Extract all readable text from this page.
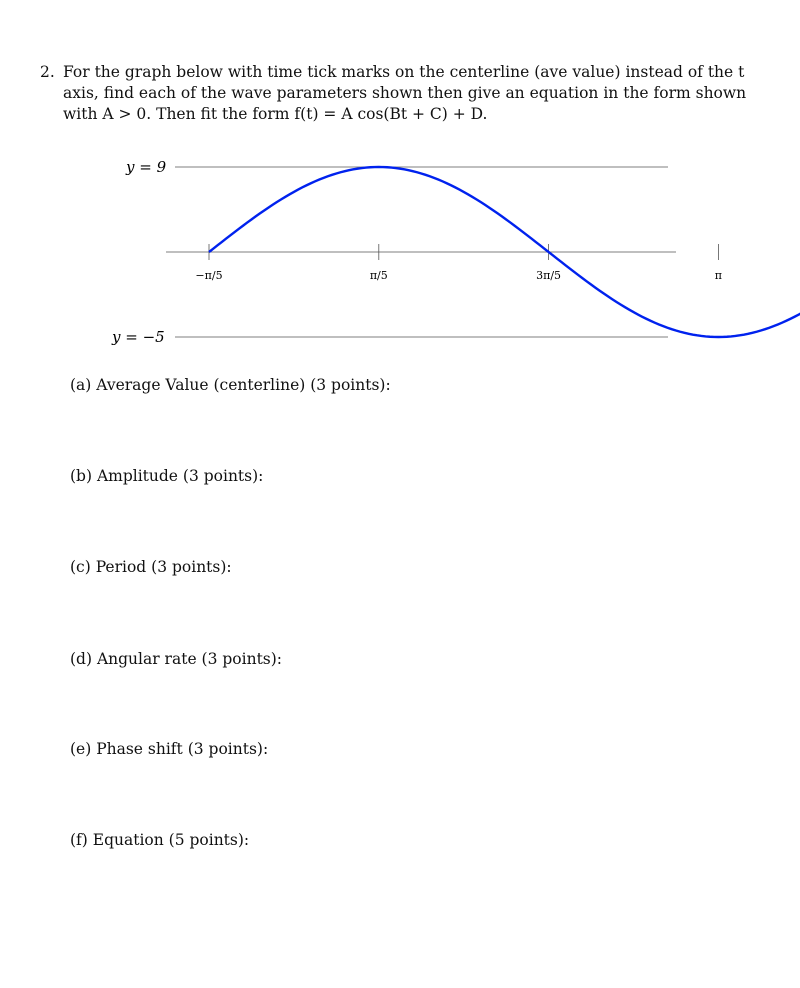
2. For the graph below with time tick marks on the centerline (ave value) instead of the t
axis, find each of the wave parameters shown then give an equation in the form shown
with A > 0. Then fit the form f(t) = A cos(Bt + C) + D.
y = 9
y = −5
−π/5	π/5	3π/5	π
(a) Average Value (centerline) (3 points):
(b) Amplitude (3 points):
(c) Period (3 points):
(d) Angular rate (3 points):
(e) Phase shift (3 points):
(f) Equation (5 points):
